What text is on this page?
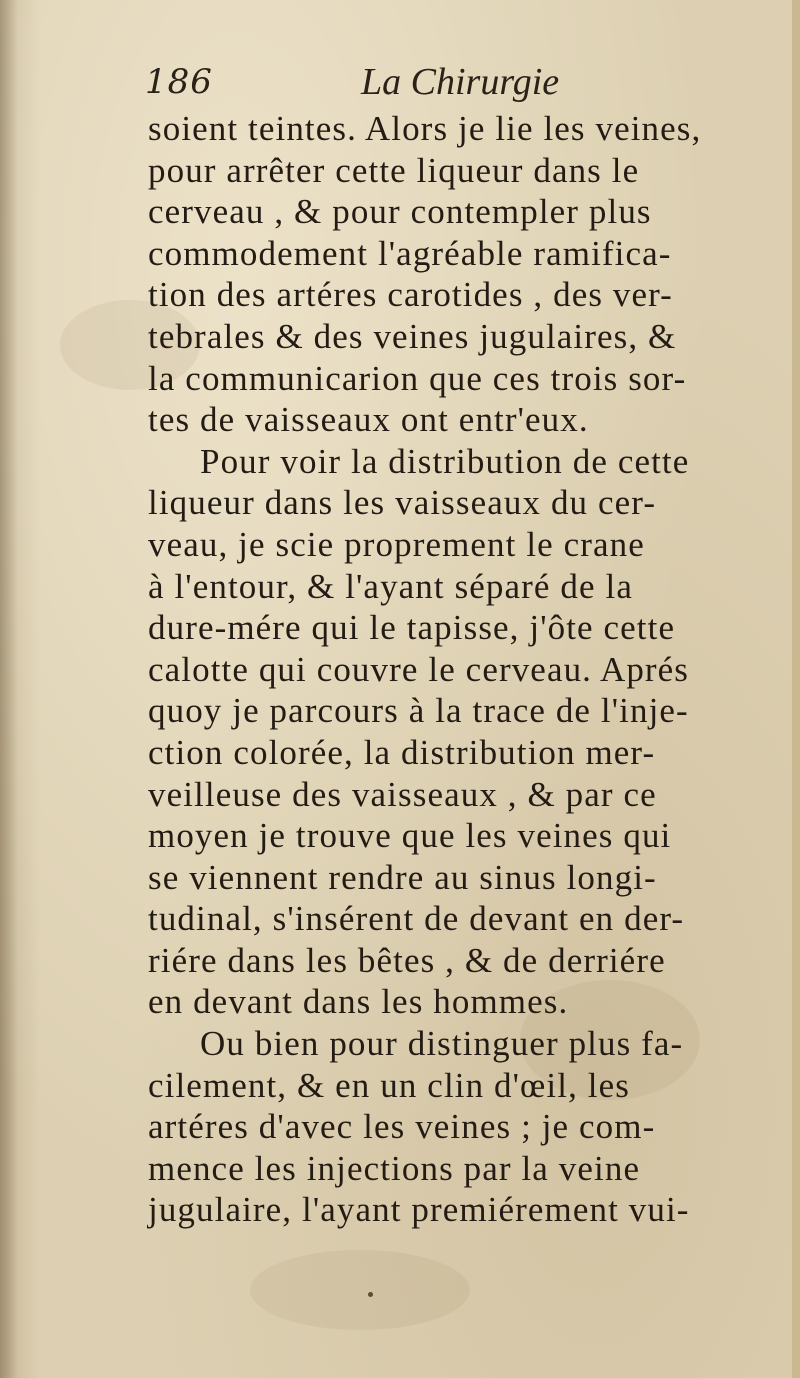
186	La Chirurgie
soient teintes. Alors je lie les veines,
pour arrêter cette liqueur dans le
cerveau , & pour contempler plus
commodement l'agréable ramifica-
tion des artéres carotides , des ver-
tebrales & des veines jugulaires, &
la communicarion que ces trois sor-
tes de vaisseaux ont entr'eux.
Pour voir la distribution de cette
liqueur dans les vaisseaux du cer-
veau, je scie proprement le crane
à l'entour, & l'ayant séparé de la
dure-mére qui le tapisse, j'ôte cette
calotte qui couvre le cerveau. Aprés
quoy je parcours à la trace de l'inje-
ction colorée, la distribution mer-
veilleuse des vaisseaux , & par ce
moyen je trouve que les veines qui
se viennent rendre au sinus longi-
tudinal, s'insérent de devant en der-
riére dans les bêtes , & de derriére
en devant dans les hommes.
Ou bien pour distinguer plus fa-
cilement, & en un clin d'œil, les
artéres d'avec les veines ; je com-
mence les injections par la veine
jugulaire, l'ayant premiérement vui-
